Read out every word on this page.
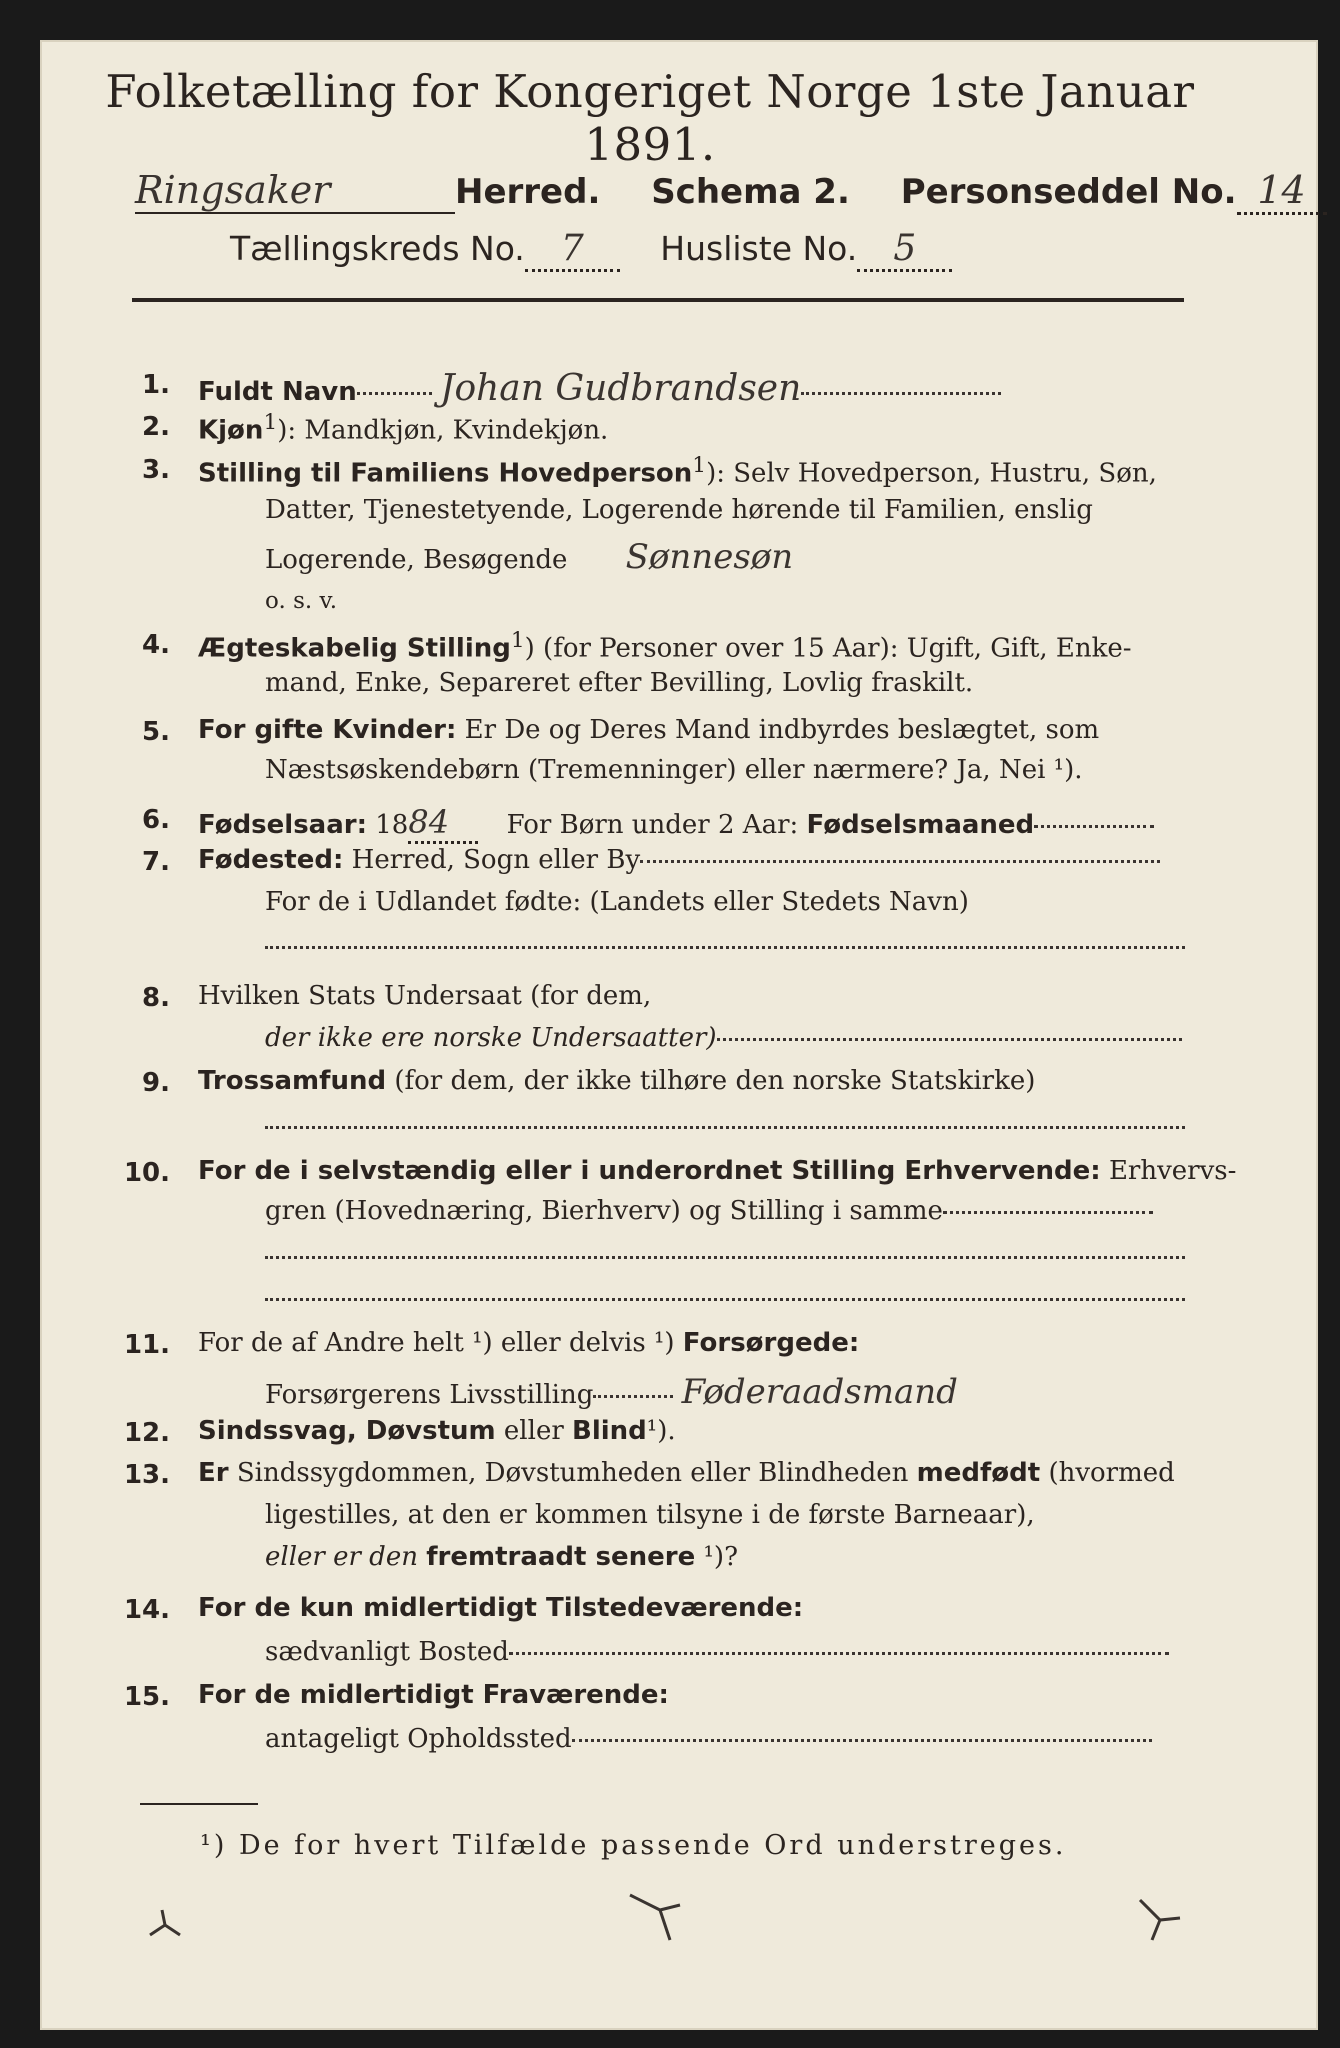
Folketælling for Kongeriget Norge 1ste Januar 1891.
Ringsaker	Herred. Schema 2. Personseddel No. 14
Tællingskreds No. 7 Husliste No. 5
1. Fuldt Navn Johan Gudbrandsen
2. Kjøn$^1$): Mandkjøn, Kvindekjøn.
3. Stilling til Familiens Hovedperson$^1$): Selv Hovedperson, Hustru, Søn,
Datter, Tjenestetyende, Logerende hørende til Familien, enslig
Logerende, Besøgende Sønnesøn
o. s. v.
4. Ægteskabelig Stilling$^1$) (for Personer over 15 Aar): Ugift, Gift, Enke-
mand, Enke, Separeret efter Bevilling, Lovlig fraskilt.
5. For gifte Kvinder: Er De og Deres Mand indbyrdes beslægtet, som
Næstsøskendebørn (Tremenninger) eller nærmere? Ja, Nei ¹).
6. Fødselsaar: 1884 For Børn under 2 Aar: Fødselsmaaned
7. Fødested: Herred, Sogn eller By
For de i Udlandet fødte: (Landets eller Stedets Navn)
8. Hvilken Stats Undersaat (for dem,
der ikke ere norske Undersaatter)
9. Trossamfund (for dem, der ikke tilhøre den norske Statskirke)
10. For de i selvstændig eller i underordnet Stilling Erhvervende: Erhvervs-
gren (Hovednæring, Bierhverv) og Stilling i samme
11. For de af Andre helt ¹) eller delvis ¹) Forsørgede:
Forsørgerens Livsstilling	Føderaadsmand
12. Sindssvag, Døvstum eller Blind¹).
13. Er Sindssygdommen, Døvstumheden eller Blindheden medfødt (hvormed
ligestilles, at den er kommen tilsyne i de første Barneaar),
eller er den fremtraadt senere ¹)?
14. For de kun midlertidigt Tilstedeværende:
sædvanligt Bosted
15. For de midlertidigt Fraværende:
antageligt Opholdssted
¹) De for hvert Tilfælde passende Ord understreges.
